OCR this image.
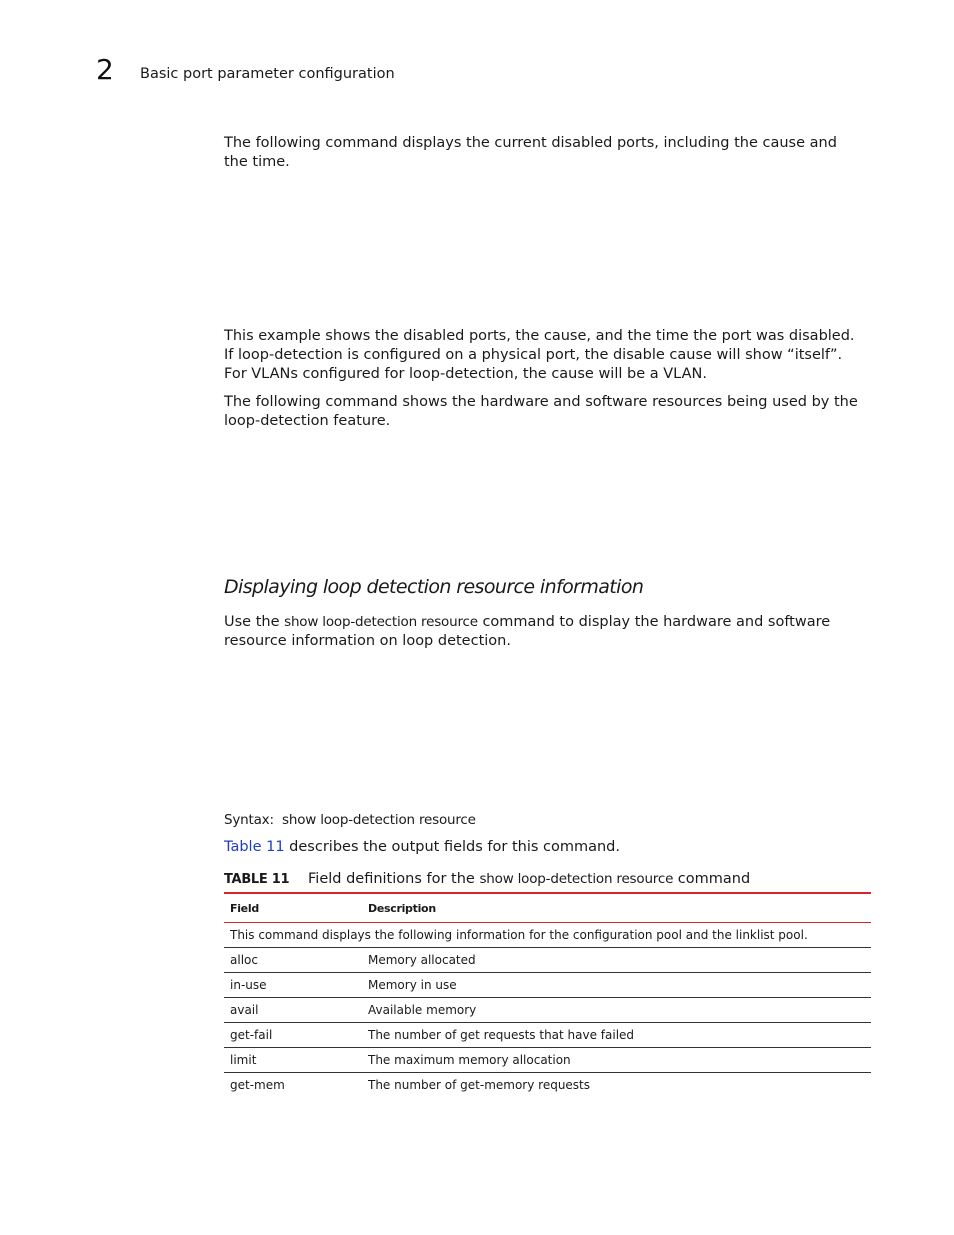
2 Basic port parameter configuration

The following command displays the current disabled ports, including the cause and the time.

This example shows the disabled ports, the cause, and the time the port was disabled. If loop-detection is configured on a physical port, the disable cause will show “itself”. For VLANs configured for loop-detection, the cause will be a VLAN.

The following command shows the hardware and software resources being used by the loop-detection feature.

Displaying loop detection resource information

Use the show loop-detection resource command to display the hardware and software resource information on loop detection.

Syntax: show loop-detection resource

Table 11 describes the output fields for this command.

TABLE 11 Field definitions for the show loop-detection resource command
Field	Description
This command displays the following information for the configuration pool and the linklist pool.	
alloc	Memory allocated
in-use	Memory in use
avail	Available memory
get-fail	The number of get requests that have failed
limit	The maximum memory allocation
get-mem	The number of get-memory requests
